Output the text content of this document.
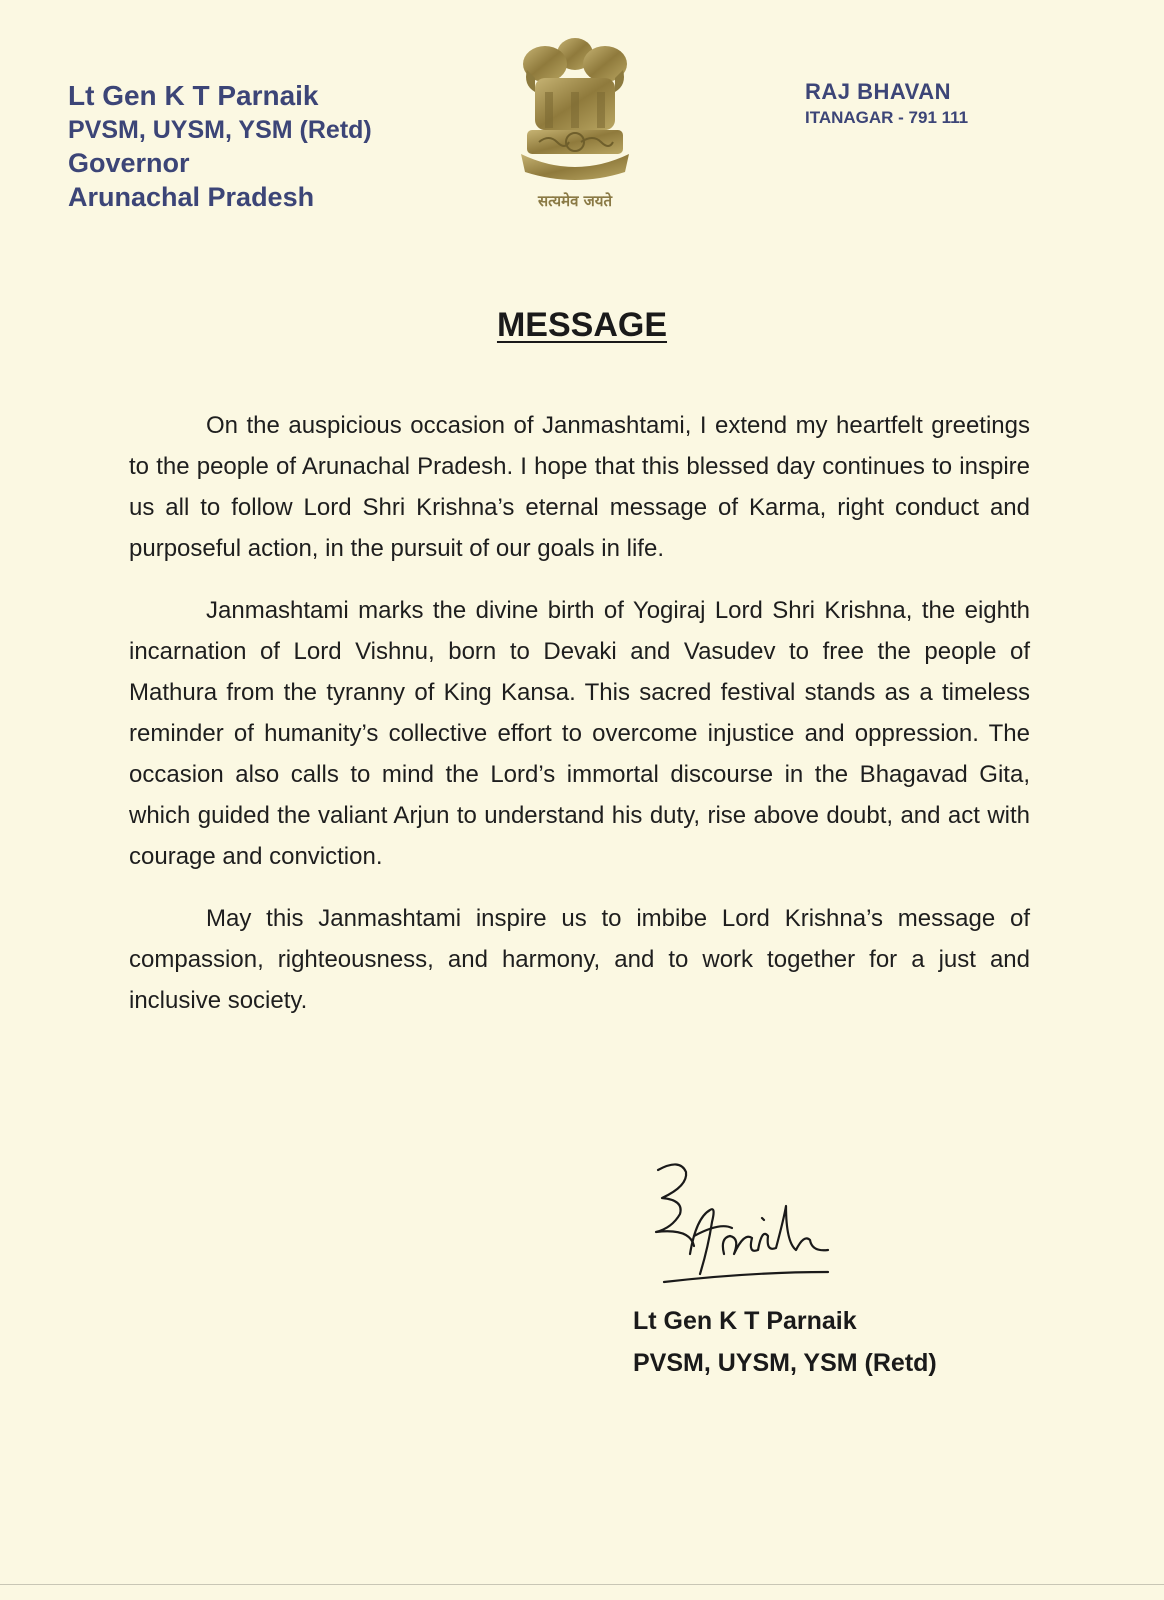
Lt Gen K T Parnaik
PVSM, UYSM, YSM (Retd)
Governor
Arunachal Pradesh	सत्यमेव जयते
RAJ BHAVAN
ITANAGAR - 791 111
MESSAGE

On the auspicious occasion of Janmashtami, I extend my heartfelt greetings to the people of Arunachal Pradesh. I hope that this blessed day continues to inspire us all to follow Lord Shri Krishna’s eternal message of Karma, right conduct and purposeful action, in the pursuit of our goals in life.

Janmashtami marks the divine birth of Yogiraj Lord Shri Krishna, the eighth incarnation of Lord Vishnu, born to Devaki and Vasudev to free the people of Mathura from the tyranny of King Kansa. This sacred festival stands as a timeless reminder of humanity’s collective effort to overcome injustice and oppression. The occasion also calls to mind the Lord’s immortal discourse in the Bhagavad Gita, which guided the valiant Arjun to understand his duty, rise above doubt, and act with courage and conviction.

May this Janmashtami inspire us to imbibe Lord Krishna’s message of compassion, righteousness, and harmony, and to work together for a just and inclusive society.

Lt Gen K T Parnaik
PVSM, UYSM, YSM (Retd)
